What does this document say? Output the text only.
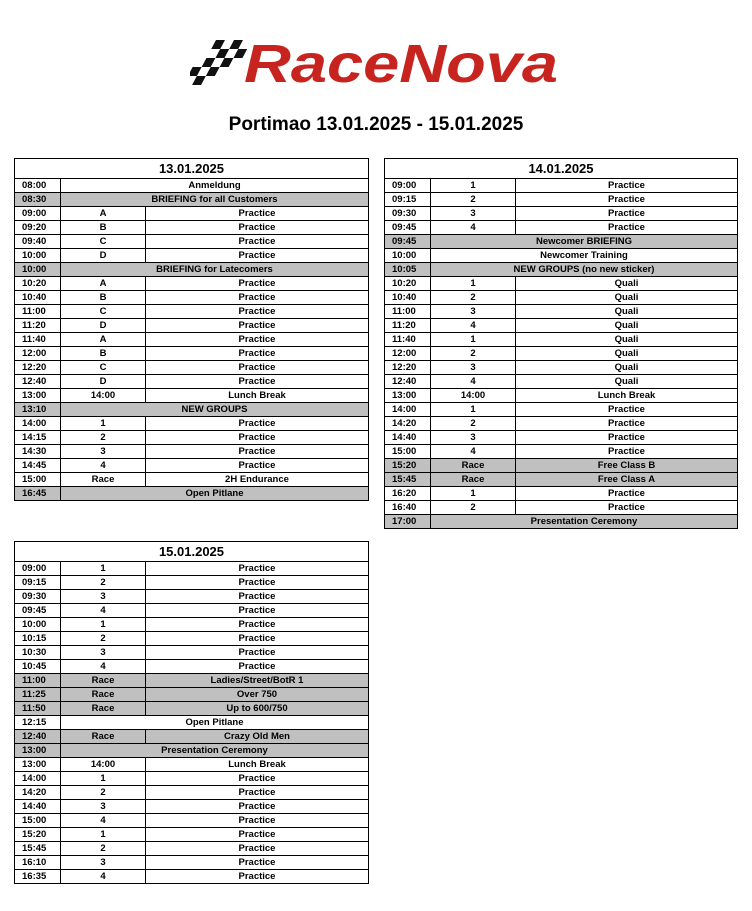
RaceNova
Portimao 13.01.2025 - 15.01.2025
13.01.2025		
08:00	Anmeldung	
08:30	BRIEFING for all Customers	
09:00	A	Practice
09:20	B	Practice
09:40	C	Practice
10:00	D	Practice
10:00	BRIEFING for Latecomers	
10:20	A	Practice
10:40	B	Practice
11:00	C	Practice
11:20	D	Practice
11:40	A	Practice
12:00	B	Practice
12:20	C	Practice
12:40	D	Practice
13:00	14:00	Lunch Break
13:10	NEW GROUPS	
14:00	1	Practice
14:15	2	Practice
14:30	3	Practice
14:45	4	Practice
15:00	Race	2H Endurance
16:45	Open Pitlane	
14.01.2025		
09:00	1	Practice
09:15	2	Practice
09:30	3	Practice
09:45	4	Practice
09:45	Newcomer BRIEFING	
10:00	Newcomer Training	
10:05	NEW GROUPS (no new sticker)	
10:20	1	Quali
10:40	2	Quali
11:00	3	Quali
11:20	4	Quali
11:40	1	Quali
12:00	2	Quali
12:20	3	Quali
12:40	4	Quali
13:00	14:00	Lunch Break
14:00	1	Practice
14:20	2	Practice
14:40	3	Practice
15:00	4	Practice
15:20	Race	Free Class B
15:45	Race	Free Class A
16:20	1	Practice
16:40	2	Practice
17:00	Presentation Ceremony	
15.01.2025		
09:00	1	Practice
09:15	2	Practice
09:30	3	Practice
09:45	4	Practice
10:00	1	Practice
10:15	2	Practice
10:30	3	Practice
10:45	4	Practice
11:00	Race	Ladies/Street/BotR 1
11:25	Race	Over 750
11:50	Race	Up to 600/750
12:15	Open Pitlane	
12:40	Race	Crazy Old Men
13:00	Presentation Ceremony	
13:00	14:00	Lunch Break
14:00	1	Practice
14:20	2	Practice
14:40	3	Practice
15:00	4	Practice
15:20	1	Practice
15:45	2	Practice
16:10	3	Practice
16:35	4	Practice
